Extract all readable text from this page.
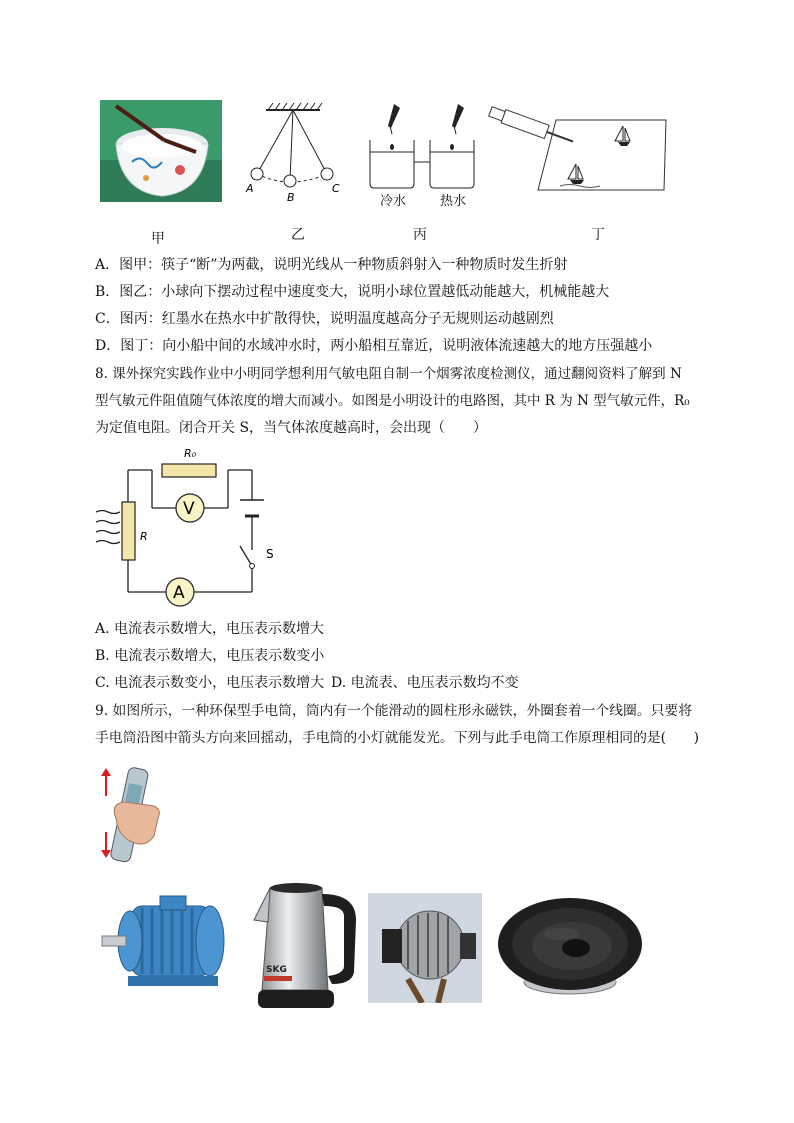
A
B
C
冷水	热水
甲	乙	丙	丁
A．图甲：筷子“断”为两截，说明光线从一种物质斜射入一种物质时发生折射
B．图乙：小球向下摆动过程中速度变大，说明小球位置越低动能越大，机械能越大
C．图丙：红墨水在热水中扩散得快，说明温度越高分子无规则运动越剧烈
D．图丁：向小船中间的水域冲水时，两小船相互靠近，说明液体流速越大的地方压强越小
8. 课外探究实践作业中小明同学想利用气敏电阻自制一个烟雾浓度检测仪，通过翻阅资料了解到 N
型气敏元件阻值随气体浓度的增大而减小。如图是小明设计的电路图，其中 R 为 N 型气敏元件，R₀
为定值电阻。闭合开关 S，当气体浓度越高时，会出现（　　）
R₀
V
R
S
A
A. 电流表示数增大，电压表示数增大
B. 电流表示数增大，电压表示数变小
C. 电流表示数变小，电压表示数增大 D. 电流表、电压表示数均不变
9. 如图所示，一种环保型手电筒，筒内有一个能滑动的圆柱形永磁铁，外圈套着一个线圈。只要将
手电筒沿图中箭头方向来回摇动，手电筒的小灯就能发光。下列与此手电筒工作原理相同的是(　　)
SKG
